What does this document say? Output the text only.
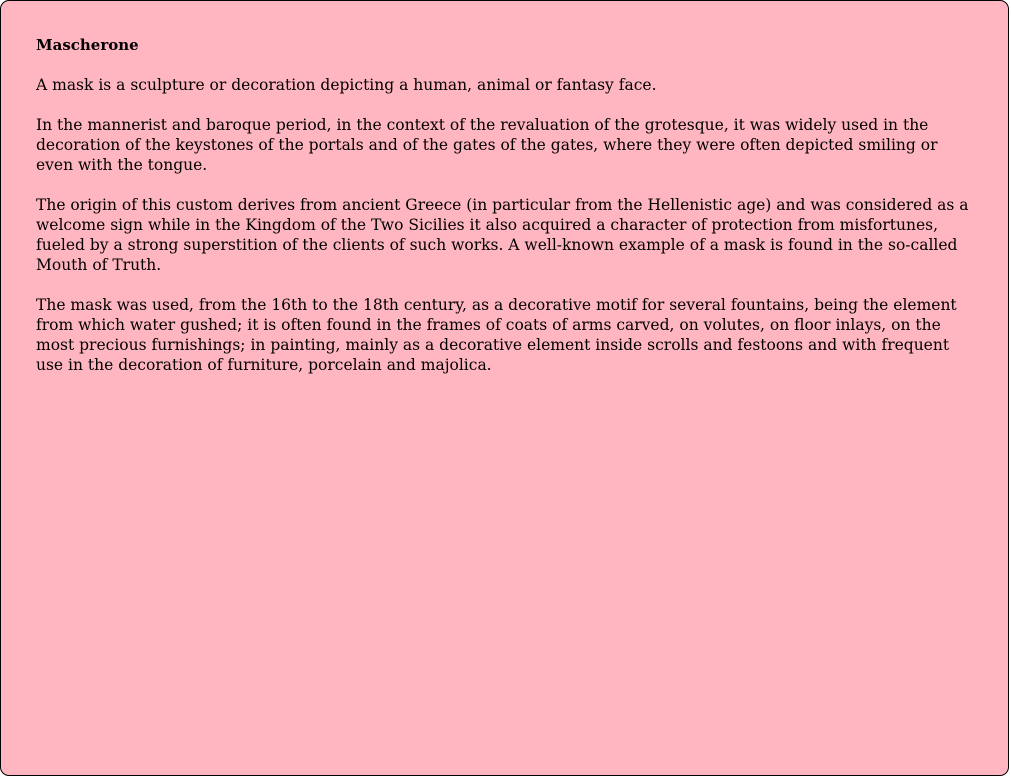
Mascherone
A mask is a sculpture or decoration depicting a human, animal or fantasy face.
In the mannerist and baroque period, in the context of the revaluation of the grotesque, it was widely used in the decoration of the keystones of the portals and of the gates of the gates, where they were often depicted smiling or even with the tongue.
The origin of this custom derives from ancient Greece (in particular from the Hellenistic age) and was considered as a welcome sign while in the Kingdom of the Two Sicilies it also acquired a character of protection from misfortunes, fueled by a strong superstition of the clients of such works. A well-known example of a mask is found in the so-called Mouth of Truth.
The mask was used, from the 16th to the 18th century, as a decorative motif for several fountains, being the element from which water gushed; it is often found in the frames of coats of arms carved, on volutes, on floor inlays, on the most precious furnishings; in painting, mainly as a decorative element inside scrolls and festoons and with frequent use in the decoration of furniture, porcelain and majolica.
